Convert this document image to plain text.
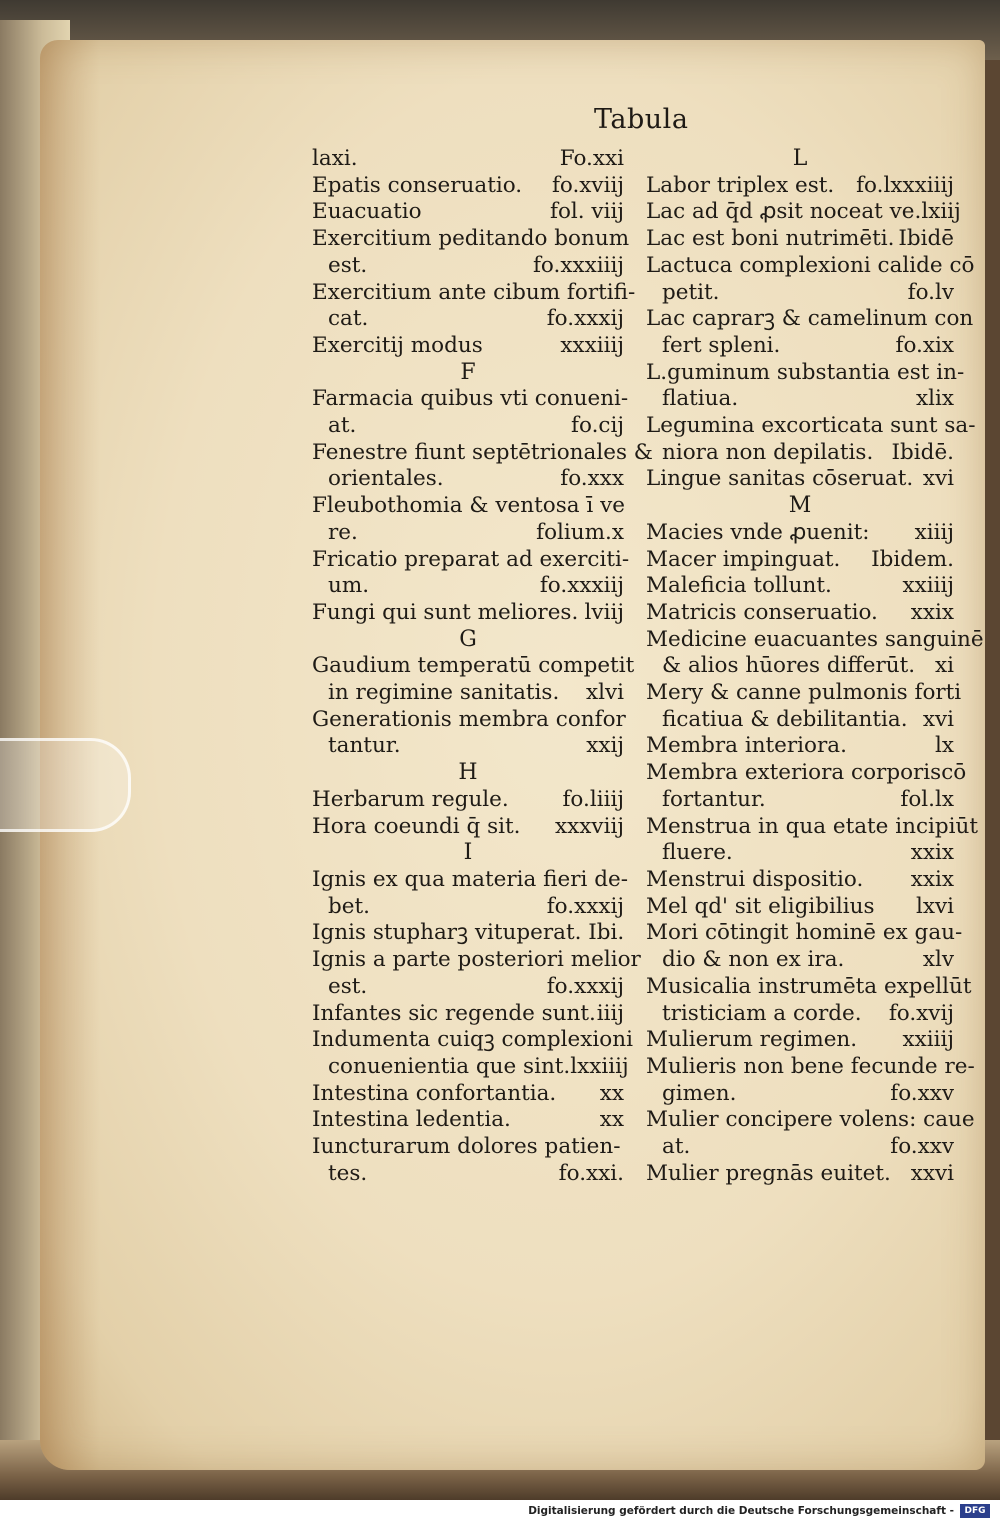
Tabula
laxi.	Fo.xxi
Epatis conseruatio. fo.xviij
Euacuatio	fol. viij
Exercitium peditando bonum
est.	fo.xxxiiij
Exercitium ante cibum fortifi-
cat.	fo.xxxij
Exercitij modus	xxxiiij
F
Farmacia quibus vti conueni-
at.	fo.cij
Fenestre fiunt septētrionales &
orientales.	fo.xxx
Fleubothomia & ventosa ī ve
re.	folium.x
Fricatio preparat ad exerciti-
um.	fo.xxxiij
Fungi qui sunt meliores. lviij
G
Gaudium temperatū competit
in regimine sanitatis. xlvi
Generationis membra confor
tantur.	xxij
H
Herbarum regule. fo.liiij
Hora coeundi q̄ sit. xxxviij
I
Ignis ex qua materia fieri de-
bet.	fo.xxxij
Ignis stupharꝫ vituperat. Ibi.
Ignis a parte posteriori melior
est.	fo.xxxij
Infantes sic regende sunt. iiij
Indumenta cuiqꝫ complexioni
conuenientia que sint. lxxiiij
Intestina confortantia. xx
Intestina ledentia.	xx
Iuncturarum dolores patien-
tes.	fo.xxi.
L
Labor triplex est. fo.lxxxiiij
Lac ad q̄d ꝓsit noceat ve. lxiij
Lac est boni nutrimēti. Ibidē
Lactuca complexioni calide cō
petit.	fo.lv
Lac caprarꝫ & camelinum con
fert spleni.	fo.xix
L.guminum substantia est in-
flatiua.	xlix
Legumina excorticata sunt sa-
niora non depilatis. Ibidē.
Lingue sanitas cōseruat. xvi
M
Macies vnde ꝓuenit: xiiij
Macer impinguat. Ibidem.
Maleficia tollunt.	xxiiij
Matricis conseruatio. xxix
Medicine euacuantes sanguinē
& alios hūores differūt. xi
Mery & canne pulmonis forti
ficatiua & debilitantia. xvi
Membra interiora.	lx
Membra exteriora corporiscō
fortantur.	fol.lx
Menstrua in qua etate incipiūt
fluere.	xxix
Menstrui dispositio. xxix
Mel qd' sit eligibilius lxvi
Mori cōtingit hominē ex gau-
dio & non ex ira.	xlv
Musicalia instrumēta expellūt
tristiciam a corde. fo.xvij
Mulierum regimen. xxiiij
Mulieris non bene fecunde re-
gimen.	fo.xxv
Mulier concipere volens: caue
at.	fo.xxv
Mulier pregnās euitet. xxvi
Digitalisierung gefördert durch die Deutsche Forschungsgemeinschaft -	DFG
